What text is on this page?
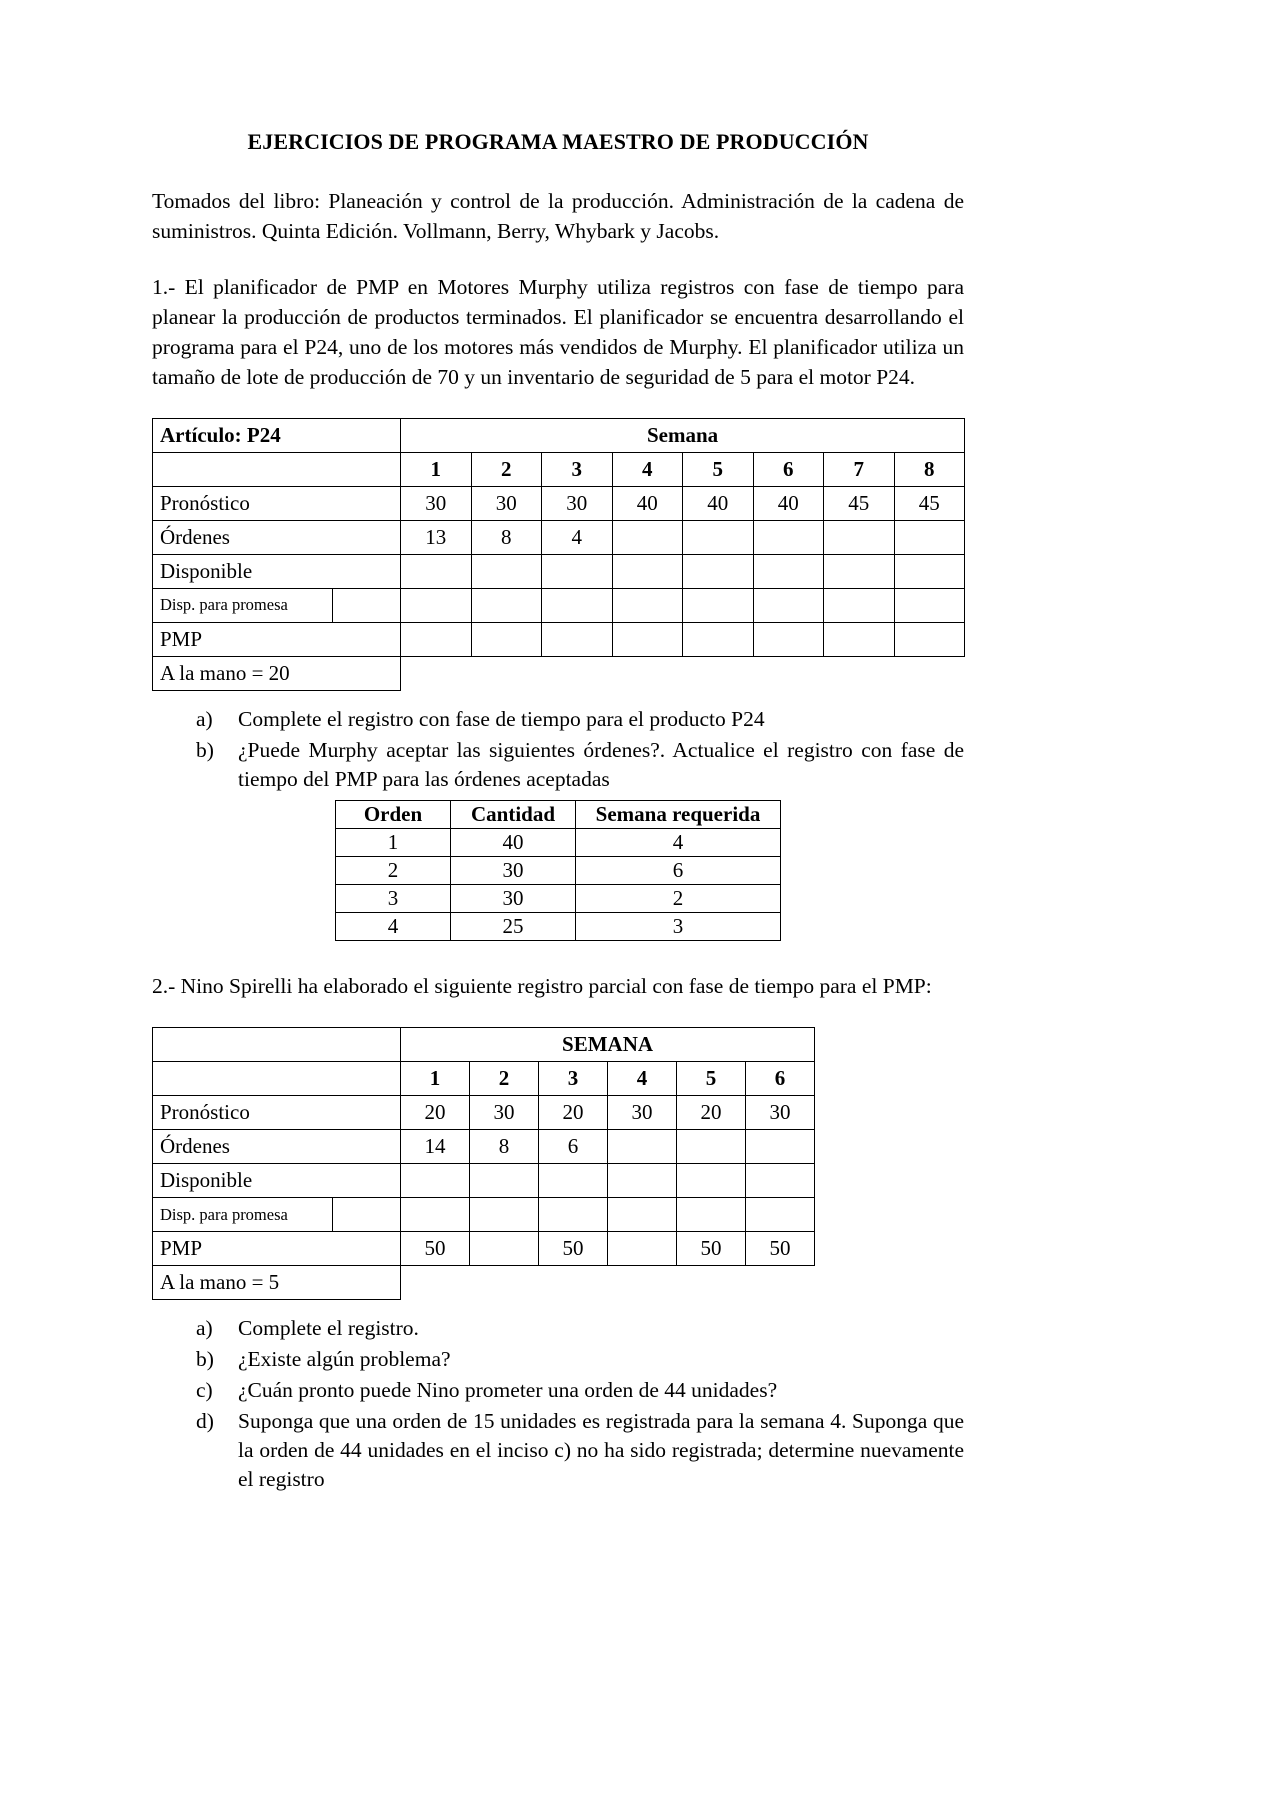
EJERCICIOS DE PROGRAMA MAESTRO DE PRODUCCIÓN

Tomados del libro: Planeación y control de la producción. Administración de la cadena de suministros. Quinta Edición. Vollmann, Berry, Whybark y Jacobs.

1.- El planificador de PMP en Motores Murphy utiliza registros con fase de tiempo para planear la producción de productos terminados. El planificador se encuentra desarrollando el programa para el P24, uno de los motores más vendidos de Murphy. El planificador utiliza un tamaño de lote de producción de 70 y un inventario de seguridad de 5 para el motor P24.

Artículo: P24		Semana							
		1	2	3	4	5	6	7	8
Pronóstico		30	30	30	40	40	40	45	45
Órdenes		13	8	4					
Disponible									
Disp. para promesa									
PMP									
A la mano = 20									
a)	Complete el registro con fase de tiempo para el producto P24
b)	¿Puede Murphy aceptar las siguientes órdenes?. Actualice el registro con fase de tiempo del PMP para las órdenes aceptadas
Orden	Cantidad	Semana requerida
1	40	4
2	30	6
3	30	2
4	25	3

2.- Nino Spirelli ha elaborado el siguiente registro parcial con fase de tiempo para el PMP:

		SEMANA					
		1	2	3	4	5	6
Pronóstico		20	30	20	30	20	30
Órdenes		14	8	6			
Disponible							
Disp. para promesa							
PMP		50		50		50	50
A la mano = 5							
a)	Complete el registro.
b)	¿Existe algún problema?
c)	¿Cuán pronto puede Nino prometer una orden de 44 unidades?
d)	Suponga que una orden de 15 unidades es registrada para la semana 4. Suponga que la orden de 44 unidades en el inciso c) no ha sido registrada; determine nuevamente el registro
